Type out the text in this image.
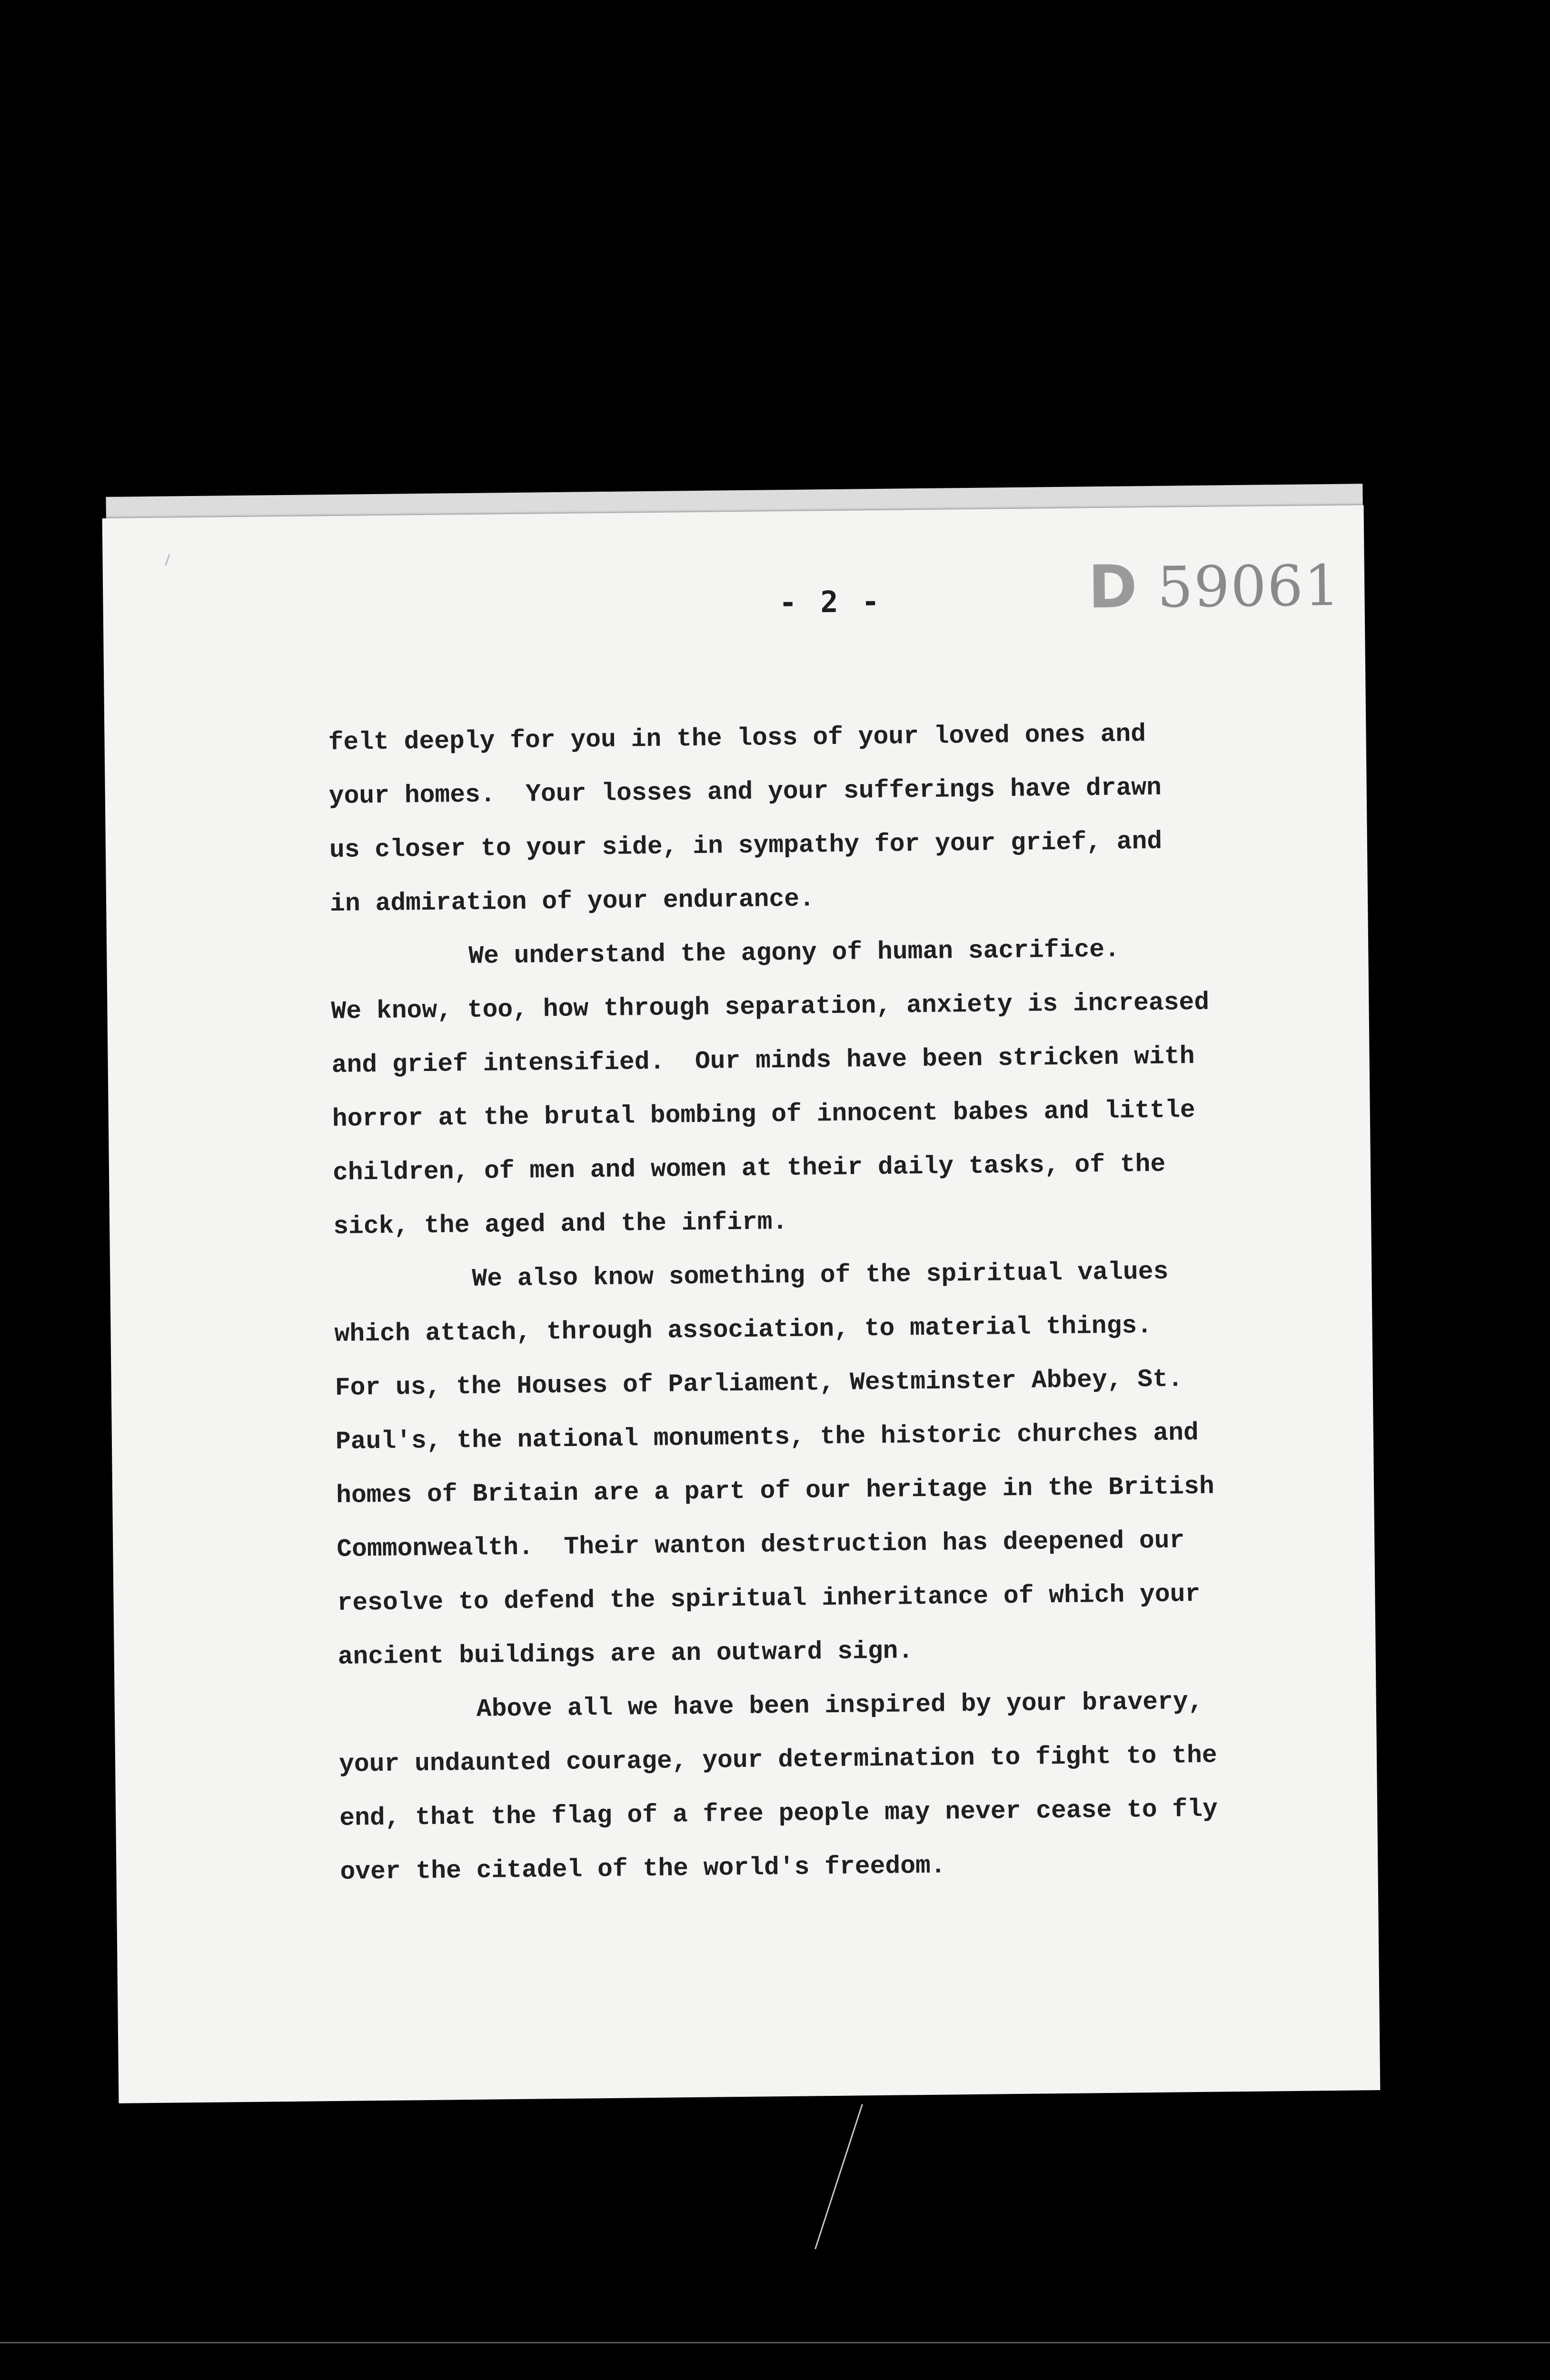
- 2 -	D 59061
felt deeply for you in the loss of your loved ones and
your homes.  Your losses and your sufferings have drawn
us closer to your side, in sympathy for your grief, and
in admiration of your endurance.
We understand the agony of human sacrifice.
We know, too, how through separation, anxiety is increased
and grief intensified.  Our minds have been stricken with
horror at the brutal bombing of innocent babes and little
children, of men and women at their daily tasks, of the
sick, the aged and the infirm.
We also know something of the spiritual values
which attach, through association, to material things.
For us, the Houses of Parliament, Westminster Abbey, St.
Paul's, the national monuments, the historic churches and
homes of Britain are a part of our heritage in the British
Commonwealth.  Their wanton destruction has deepened our
resolve to defend the spiritual inheritance of which your
ancient buildings are an outward sign.
Above all we have been inspired by your bravery,
your undaunted courage, your determination to fight to the
end, that the flag of a free people may never cease to fly
over the citadel of the world's freedom.
